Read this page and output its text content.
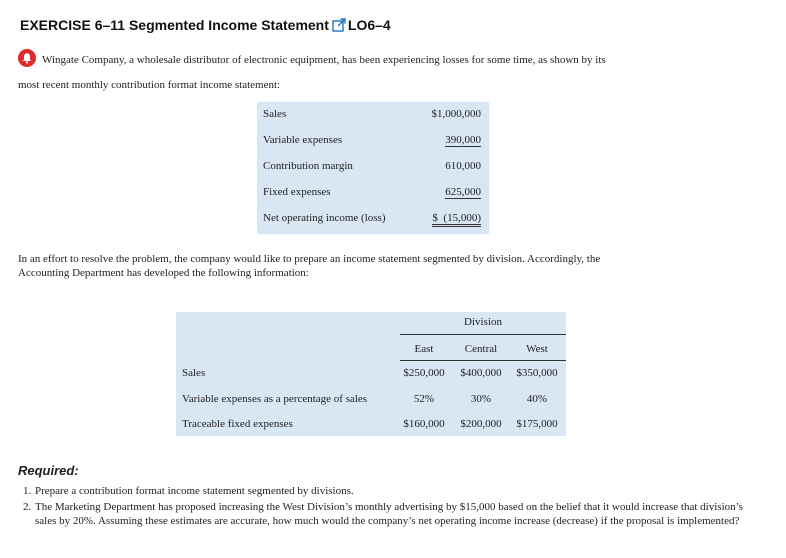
EXERCISE 6–11 Segmented Income Statement LO6–4
Wingate Company, a wholesale distributor of electronic equipment, has been experiencing losses for some time, as shown by its
most recent monthly contribution format income statement:
Sales	$1,000,000
Variable expenses	390,000
Contribution margin	610,000
Fixed expenses	625,000
Net operating income (loss)	$  (15,000)
In an effort to resolve the problem, the company would like to prepare an income statement segmented by division. Accordingly, the
Accounting Department has developed the following information:
Division
East	Central	West
Sales	$250,000	$400,000	$350,000
Variable expenses as a percentage of sales	52%	30%	40%
Traceable fixed expenses	$160,000	$200,000	$175,000
Required:
1. Prepare a contribution format income statement segmented by divisions.
2. The Marketing Department has proposed increasing the West Division’s monthly advertising by $15,000 based on the belief that it would increase that division’s sales by 20%. Assuming these estimates are accurate, how much would the company’s net operating income increase (decrease) if the proposal is implemented?
